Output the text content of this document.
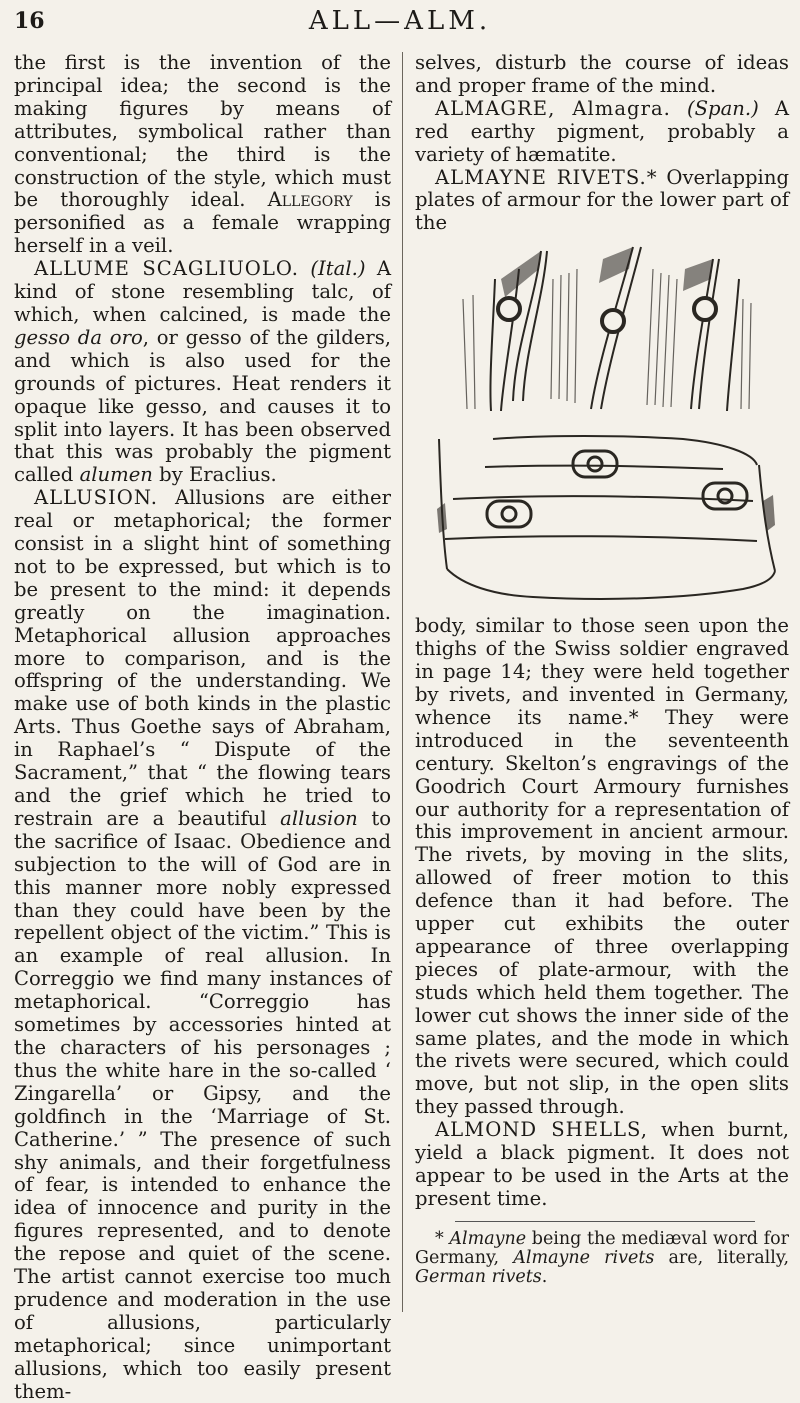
16	ALL—ALM.

the first is the invention of the principal idea; the second is the making figures by means of attributes, symbolical rather than conventional; the third is the construction of the style, which must be thoroughly ideal. Allegory is personified as a female wrapping herself in a veil.

ALLUME SCAGLIUOLO. (Ital.) A kind of stone resembling talc, of which, when calcined, is made the gesso da oro, or gesso of the gilders, and which is also used for the grounds of pictures. Heat renders it opaque like gesso, and causes it to split into layers. It has been observed that this was probably the pigment called alumen by Eraclius.

ALLUSION. Allusions are either real or metaphorical; the former consist in a slight hint of something not to be expressed, but which is to be present to the mind: it depends greatly on the imagination. Metaphorical allusion approaches more to comparison, and is the offspring of the understanding. We make use of both kinds in the plastic Arts. Thus Goethe says of Abraham, in Raphael’s “ Dispute of the Sacrament,” that “ the flowing tears and the grief which he tried to restrain are a beautiful allusion to the sacrifice of Isaac. Obedience and subjection to the will of God are in this manner more nobly expressed than they could have been by the repellent object of the victim.” This is an example of real allusion. In Correggio we find many instances of metaphorical. “Correggio has sometimes by accessories hinted at the characters of his personages ; thus the white hare in the so-called ‘ Zingarella’ or Gipsy, and the goldfinch in the ‘Marriage of St. Catherine.’ ” The presence of such shy animals, and their forgetfulness of fear, is intended to enhance the idea of innocence and purity in the figures represented, and to denote the repose and quiet of the scene. The artist cannot exercise too much prudence and moderation in the use of allusions, particularly metaphorical; since unimportant allusions, which too easily present them-

selves, disturb the course of ideas and proper frame of the mind.

ALMAGRE, Almagra. (Span.) A red earthy pigment, probably a variety of hæmatite.

ALMAYNE RIVETS.* Overlapping plates of armour for the lower part of the

body, similar to those seen upon the thighs of the Swiss soldier engraved in page 14; they were held together by rivets, and invented in Germany, whence its name.* They were introduced in the seventeenth century. Skelton’s engravings of the Goodrich Court Armoury furnishes our authority for a representation of this improvement in ancient armour. The rivets, by moving in the slits, allowed of freer motion to this defence than it had before. The upper cut exhibits the outer appearance of three overlapping pieces of plate-armour, with the studs which held them together. The lower cut shows the inner side of the same plates, and the mode in which the rivets were secured, which could move, but not slip, in the open slits they passed through.

ALMOND SHELLS, when burnt, yield a black pigment. It does not appear to be used in the Arts at the present time.

* Almayne being the mediæval word for Germany, Almayne rivets are, literally, German rivets.
